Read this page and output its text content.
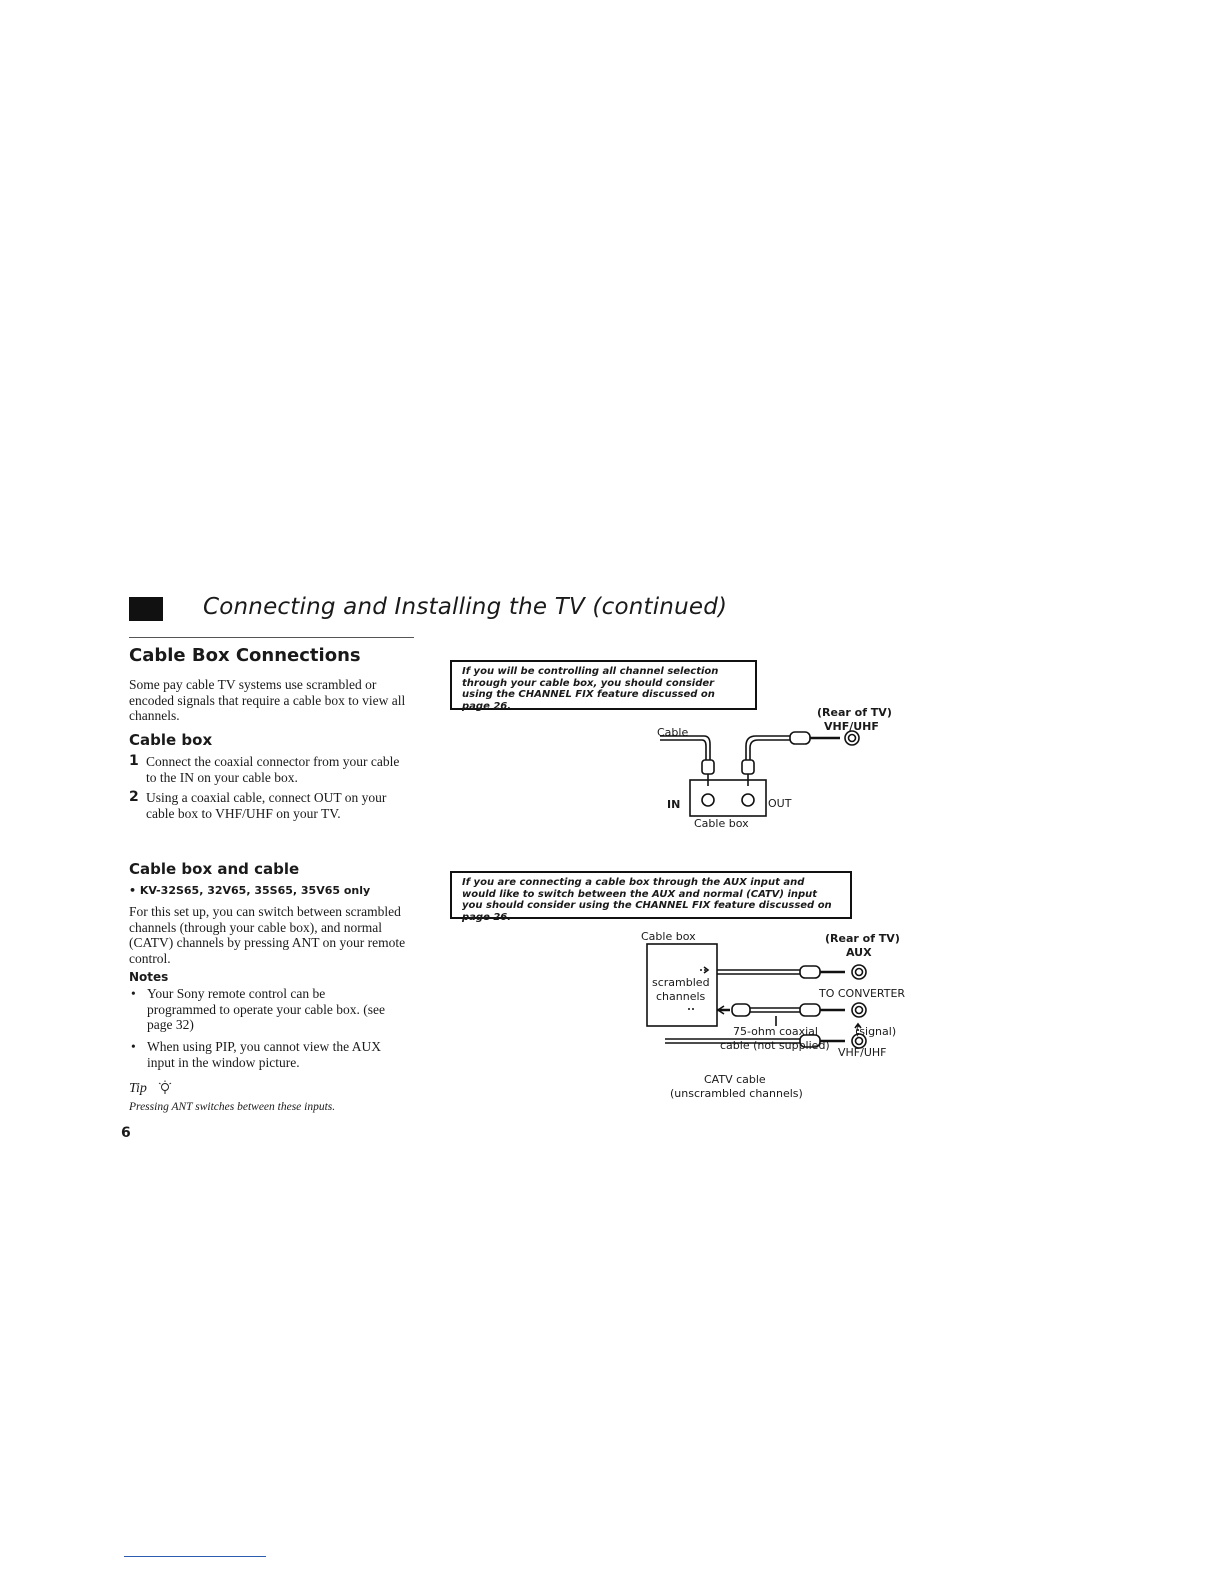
Connecting and Installing the TV (continued)
Cable Box Connections
Some pay cable TV systems use scrambled or encoded signals that require a cable box to view all channels.
Cable box
1 Connect the coaxial connector from your cable to the IN on your cable box.
2 Using a coaxial cable, connect OUT on your cable box to VHF/UHF on your TV.
Cable box and cable
• KV-32S65, 32V65, 35S65, 35V65 only
For this set up, you can switch between scrambled channels (through your cable box), and normal (CATV) channels by pressing ANT on your remote control.
Notes
• Your Sony remote control can be programmed to operate your cable box. (see page 32)
• When using PIP, you cannot view the AUX input in the window picture.
Tip
Pressing ANT switches between these inputs.
6
If you will be controlling all channel selection through your cable box, you should consider using the CHANNEL FIX feature discussed on page 26.
If you are connecting a cable box through the AUX input and would like to switch between the AUX and normal (CATV) input you should consider using the CHANNEL FIX feature discussed on page 26.
Cable
(Rear of TV)
VHF/UHF
IN	OUT
Cable box
Cable box	(Rear of TV)
AUX
scrambled
channels	TO CONVERTER
75-ohm coaxial
cable (not supplied)
(signal)
VHF/UHF
CATV cable
(unscrambled channels)
